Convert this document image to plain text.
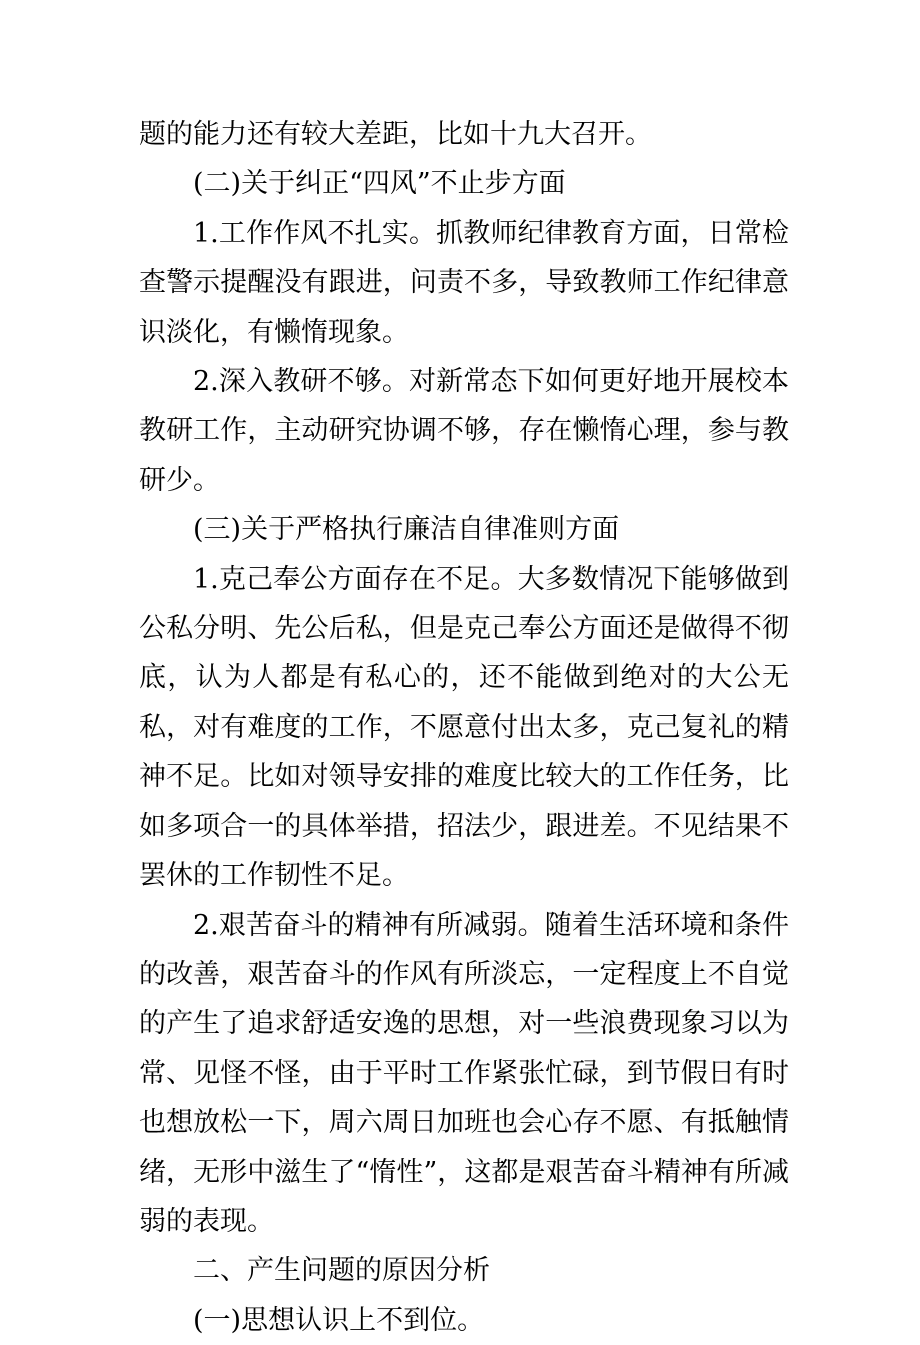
题的能力还有较大差距，比如十九大召开。

(二)关于纠正“四风”不止步方面

1.工作作风不扎实。抓教师纪律教育方面，日常检查警示提醒没有跟进，问责不多，导致教师工作纪律意识淡化，有懒惰现象。

2.深入教研不够。对新常态下如何更好地开展校本教研工作，主动研究协调不够，存在懒惰心理，参与教研少。

(三)关于严格执行廉洁自律准则方面

1.克己奉公方面存在不足。大多数情况下能够做到公私分明、先公后私，但是克己奉公方面还是做得不彻底，认为人都是有私心的，还不能做到绝对的大公无私，对有难度的工作，不愿意付出太多，克己复礼的精神不足。比如对领导安排的难度比较大的工作任务，比如多项合一的具体举措，招法少，跟进差。不见结果不罢休的工作韧性不足。

2.艰苦奋斗的精神有所减弱。随着生活环境和条件的改善，艰苦奋斗的作风有所淡忘，一定程度上不自觉的产生了追求舒适安逸的思想，对一些浪费现象习以为常、见怪不怪，由于平时工作紧张忙碌，到节假日有时也想放松一下，周六周日加班也会心存不愿、有抵触情绪，无形中滋生了“惰性”，这都是艰苦奋斗精神有所减弱的表现。

二、产生问题的原因分析

(一)思想认识上不到位。
